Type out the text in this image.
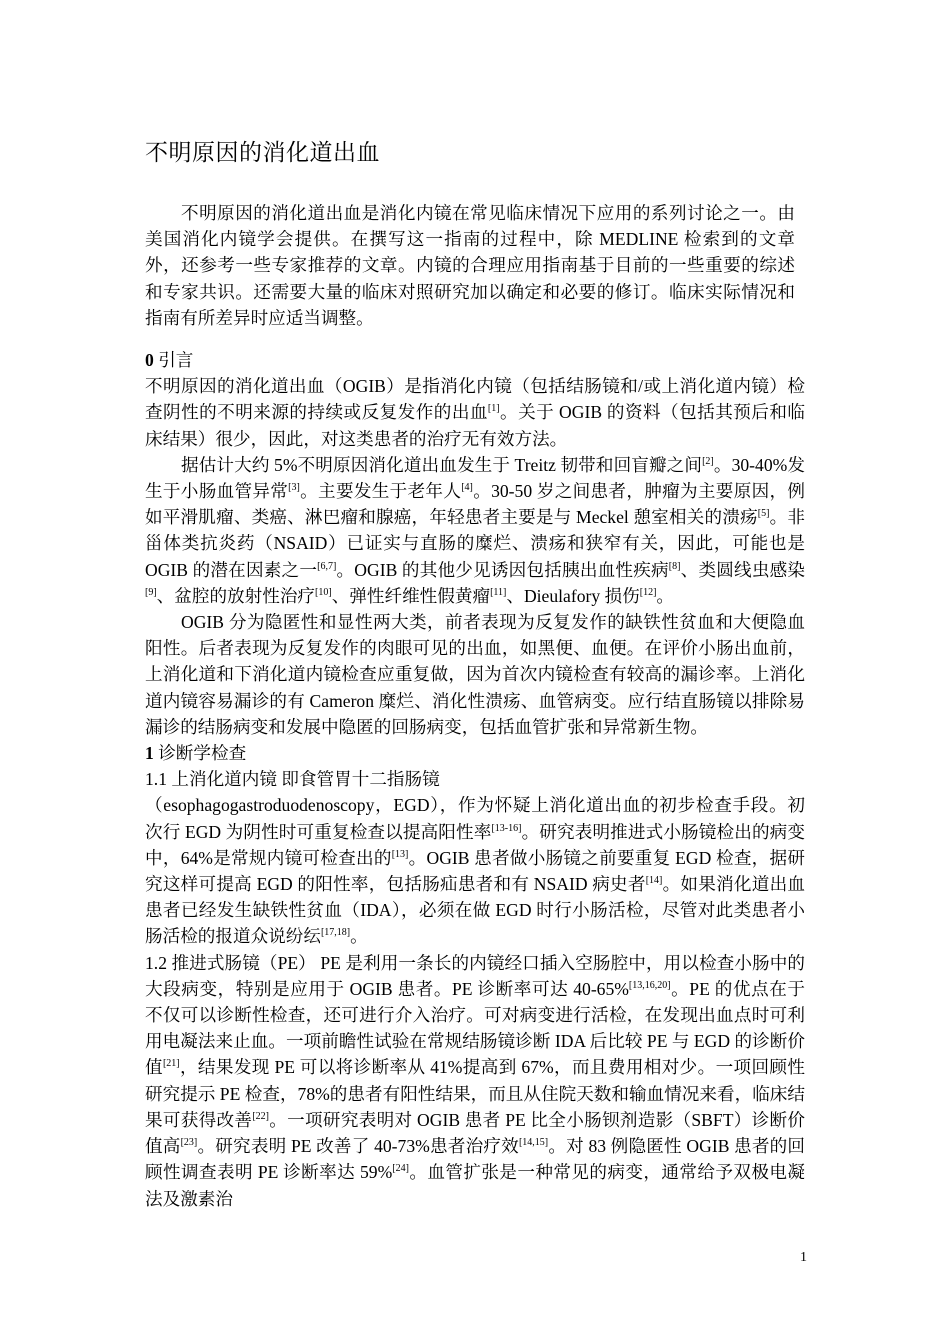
不明原因的消化道出血
不明原因的消化道出血是消化内镜在常见临床情况下应用的系列讨论之一。由美国消化内镜学会提供。在撰写这一指南的过程中，除 MEDLINE 检索到的文章外，还参考一些专家推荐的文章。内镜的合理应用指南基于目前的一些重要的综述和专家共识。还需要大量的临床对照研究加以确定和必要的修订。临床实际情况和指南有所差异时应适当调整。

0 引言

不明原因的消化道出血（OGIB）是指消化内镜（包括结肠镜和/或上消化道内镜）检查阴性的不明来源的持续或反复发作的出血[1]。关于 OGIB 的资料（包括其预后和临床结果）很少，因此，对这类患者的治疗无有效方法。

据估计大约 5%不明原因消化道出血发生于 Treitz 韧带和回盲瓣之间[2]。30-40%发生于小肠血管异常[3]。主要发生于老年人[4]。30-50 岁之间患者，肿瘤为主要原因，例如平滑肌瘤、类癌、淋巴瘤和腺癌，年轻患者主要是与 Meckel 憩室相关的溃疡[5]。非甾体类抗炎药（NSAID）已证实与直肠的糜烂、溃疡和狭窄有关，因此，可能也是 OGIB 的潜在因素之一[6,7]。OGIB 的其他少见诱因包括胰出血性疾病[8]、类圆线虫感染[9]、盆腔的放射性治疗[10]、弹性纤维性假黄瘤[11]、Dieulafory 损伤[12]。

OGIB 分为隐匿性和显性两大类，前者表现为反复发作的缺铁性贫血和大便隐血阳性。后者表现为反复发作的肉眼可见的出血，如黑便、血便。在评价小肠出血前，上消化道和下消化道内镜检查应重复做，因为首次内镜检查有较高的漏诊率。上消化道内镜容易漏诊的有 Cameron 糜烂、消化性溃疡、血管病变。应行结直肠镜以排除易漏诊的结肠病变和发展中隐匿的回肠病变，包括血管扩张和异常新生物。

1 诊断学检查

1.1 上消化道内镜 即食管胃十二指肠镜

（esophagogastroduodenoscopy，EGD），作为怀疑上消化道出血的初步检查手段。初次行 EGD 为阴性时可重复检查以提高阳性率[13-16]。研究表明推进式小肠镜检出的病变中，64%是常规内镜可检查出的[13]。OGIB 患者做小肠镜之前要重复 EGD 检查，据研究这样可提高 EGD 的阳性率，包括肠疝患者和有 NSAID 病史者[14]。如果消化道出血患者已经发生缺铁性贫血（IDA），必须在做 EGD 时行小肠活检，尽管对此类患者小肠活检的报道众说纷纭[17,18]。

1.2 推进式肠镜（PE） PE 是利用一条长的内镜经口插入空肠腔中，用以检查小肠中的大段病变，特别是应用于 OGIB 患者。PE 诊断率可达 40-65%[13,16,20]。PE 的优点在于不仅可以诊断性检查，还可进行介入治疗。可对病变进行活检，在发现出血点时可利用电凝法来止血。一项前瞻性试验在常规结肠镜诊断 IDA 后比较 PE 与 EGD 的诊断价值[21]，结果发现 PE 可以将诊断率从 41%提高到 67%，而且费用相对少。一项回顾性研究提示 PE 检查，78%的患者有阳性结果，而且从住院天数和输血情况来看，临床结果可获得改善[22]。一项研究表明对 OGIB 患者 PE 比全小肠钡剂造影（SBFT）诊断价值高[23]。研究表明 PE 改善了 40-73%患者治疗效[14,15]。对 83 例隐匿性 OGIB 患者的回顾性调查表明 PE 诊断率达 59%[24]。血管扩张是一种常见的病变，通常给予双极电凝法及激素治

1
